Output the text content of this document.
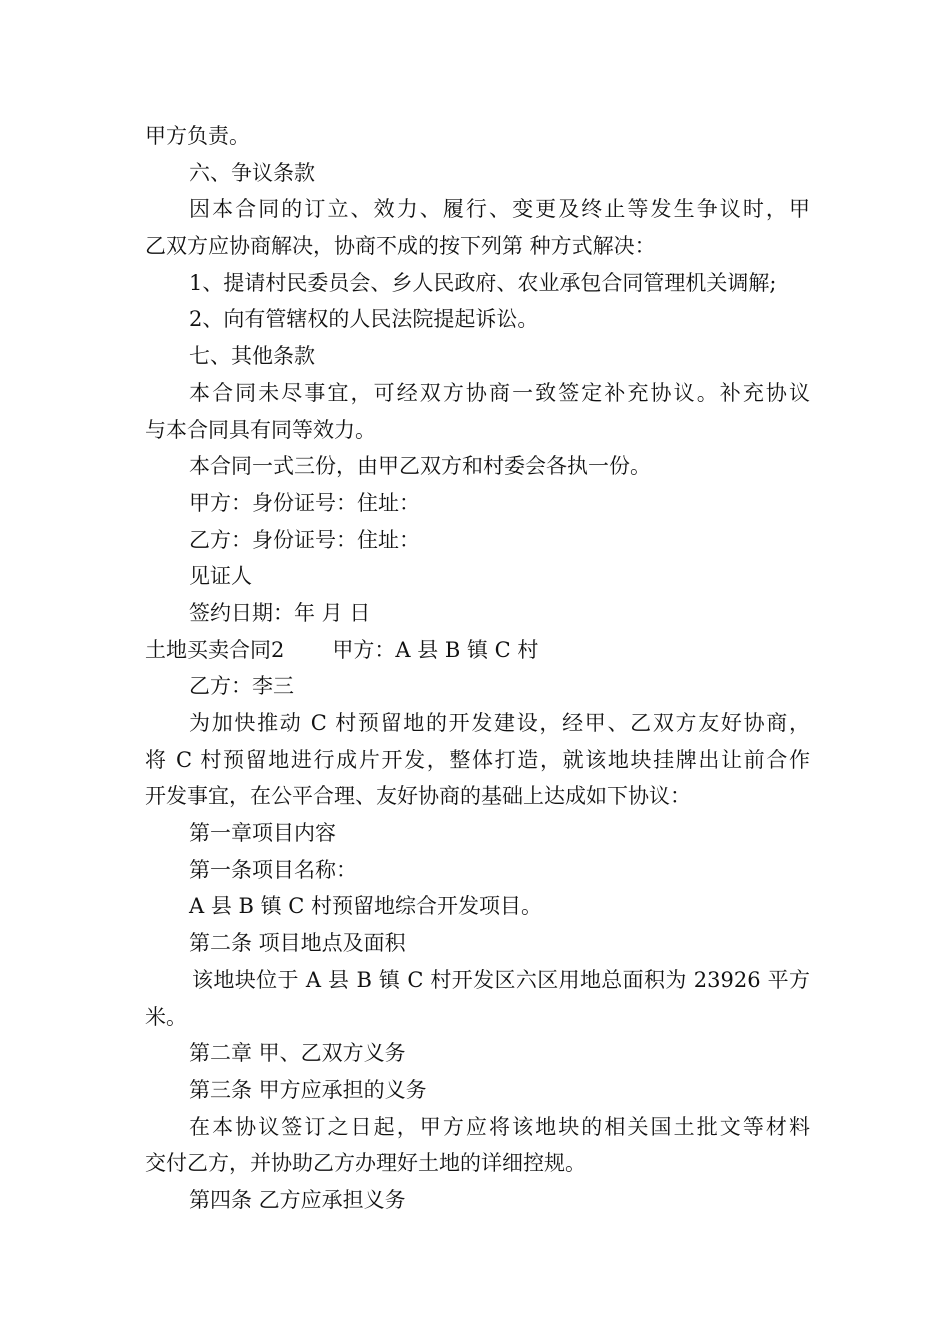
甲方负责。
六、争议条款
因本合同的订立、效力、履行、变更及终止等发生争议时，甲
乙双方应协商解决，协商不成的按下列第 种方式解决：
1、提请村民委员会、乡人民政府、农业承包合同管理机关调解;
2、向有管辖权的人民法院提起诉讼。
七、其他条款
本合同未尽事宜，可经双方协商一致签定补充协议。补充协议
与本合同具有同等效力。
本合同一式三份，由甲乙双方和村委会各执一份。
甲方：身份证号：住址：
乙方：身份证号：住址：
见证人
签约日期：年 月 日
土地买卖合同2 甲方：A 县 B 镇 C 村
乙方：李三
为加快推动 C 村预留地的开发建设，经甲、乙双方友好协商，
将 C 村预留地进行成片开发，整体打造，就该地块挂牌出让前合作
开发事宜，在公平合理、友好协商的基础上达成如下协议：
第一章项目内容
第一条项目名称：
A 县 B 镇 C 村预留地综合开发项目。
第二条 项目地点及面积
该地块位于 A 县 B 镇 C 村开发区六区用地总面积为 23926 平方
米。
第二章 甲、乙双方义务
第三条 甲方应承担的义务
在本协议签订之日起，甲方应将该地块的相关国土批文等材料
交付乙方，并协助乙方办理好土地的详细控规。
第四条 乙方应承担义务
